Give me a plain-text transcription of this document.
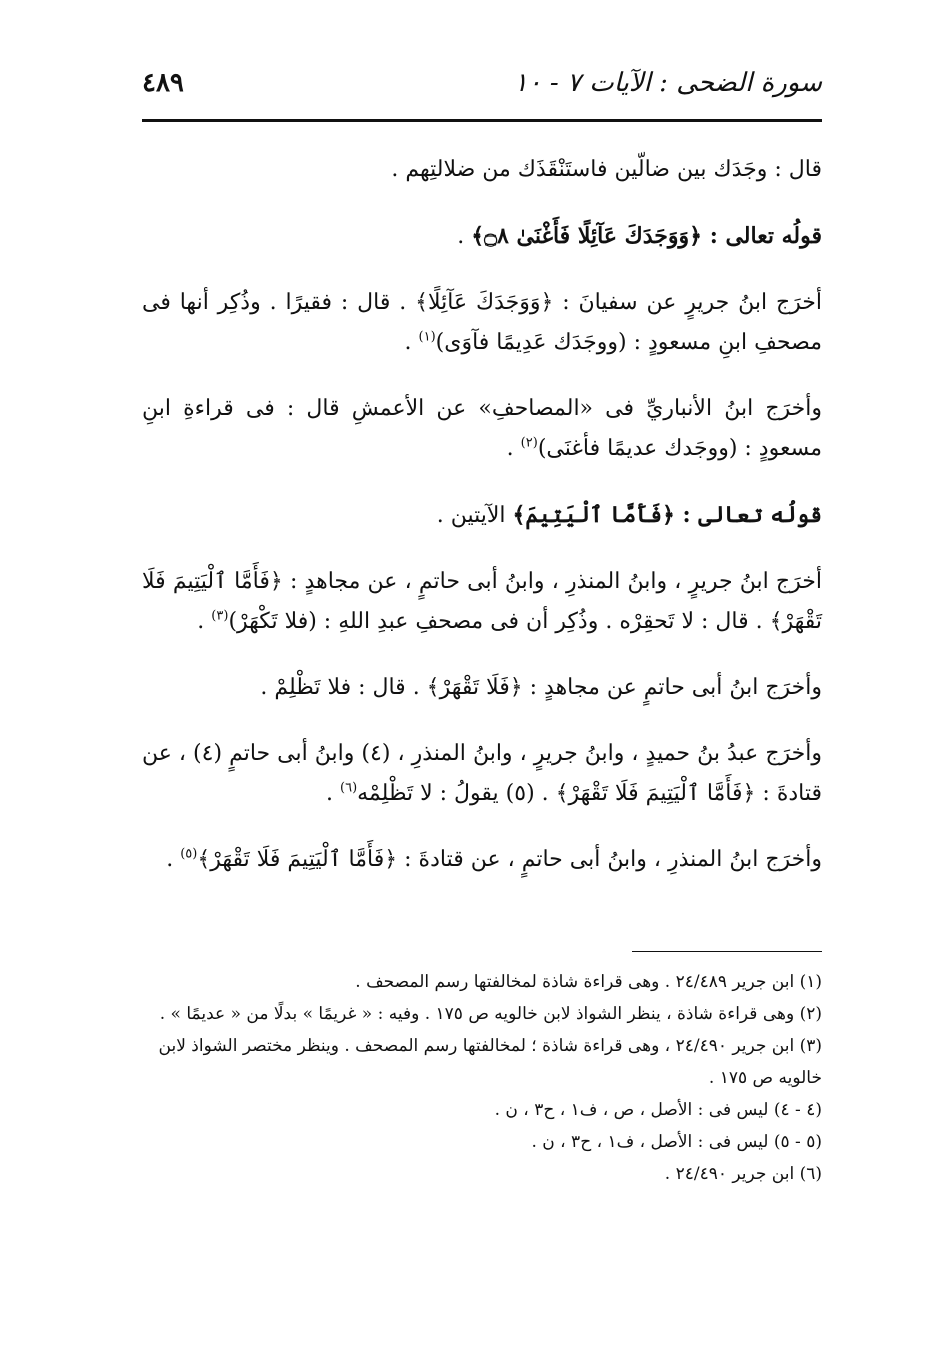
سورة الضحى : الآيات ٧ - ١٠
٤٨٩

قال : وجَدَك بين ضالّين فاستَنْقَذَك من ضلالتِهم .

قولُه تعالى : ﴿وَوَجَدَكَ عَآئِلًا فَأَغْنَىٰ ۝٨﴾ .

أخرَج ابنُ جريرٍ عن سفيانَ : ﴿وَوَجَدَكَ عَآئِلًا﴾ . قال : فقيرًا . وذُكِر أنها فى مصحفِ ابنِ مسعودٍ : (ووجَدَك عَدِيمًا فآوَى)$^{(١)}$ .

وأخرَج ابنُ الأنباريِّ فى «المصاحفِ» عن الأعمشِ قال : فى قراءةِ ابنِ مسعودٍ : (ووجَدك عديمًا فأغنَى)$^{(٢)}$ .

قولُه تعالى : ﴿فَأَمَّا ٱلْيَتِيمَ﴾ الآيتين .

أخرَج ابنُ جريرٍ ، وابنُ المنذرِ ، وابنُ أبى حاتمٍ ، عن مجاهدٍ : ﴿فَأَمَّا ٱلْيَتِيمَ فَلَا تَقْهَرْ﴾ . قال : لا تَحقِرْه . وذُكِر أن فى مصحفِ عبدِ اللهِ : (فلا تَكْهَرْ)$^{(٣)}$ .

وأخرَج ابنُ أبى حاتمٍ عن مجاهدٍ : ﴿فَلَا تَقْهَرْ﴾ . قال : فلا تَظْلِمْ .

وأخرَج عبدُ بنُ حميدٍ ، وابنُ جريرٍ ، وابنُ المنذرِ ، (٤) وابنُ أبى حاتمٍ (٤) ، عن قتادةَ : ﴿فَأَمَّا ٱلْيَتِيمَ فَلَا تَقْهَرْ﴾ . (٥) يقولُ : لا تَظْلِمْه$^{(٦)}$ .

وأخرَج ابنُ المنذرِ ، وابنُ أبى حاتمٍ ، عن قتادةَ : ﴿فَأَمَّا ٱلْيَتِيمَ فَلَا تَقْهَرْ﴾$^{(٥)}$ .

(١) ابن جرير ٢٤/٤٨٩ . وهى قراءة شاذة لمخالفتها رسم المصحف .

(٢) وهى قراءة شاذة ، ينظر الشواذ لابن خالويه ص ١٧٥ . وفيه : « غريمًا » بدلًا من « عديمًا » .

(٣) ابن جرير ٢٤/٤٩٠ ، وهى قراءة شاذة ؛ لمخالفتها رسم المصحف . وينظر مختصر الشواذ لابن خالويه ص ١٧٥ .

(٤ - ٤) ليس فى : الأصل ، ص ، ف١ ، ح٣ ، ن .

(٥ - ٥) ليس فى : الأصل ، ف١ ، ح٣ ، ن .

(٦) ابن جرير ٢٤/٤٩٠ .
